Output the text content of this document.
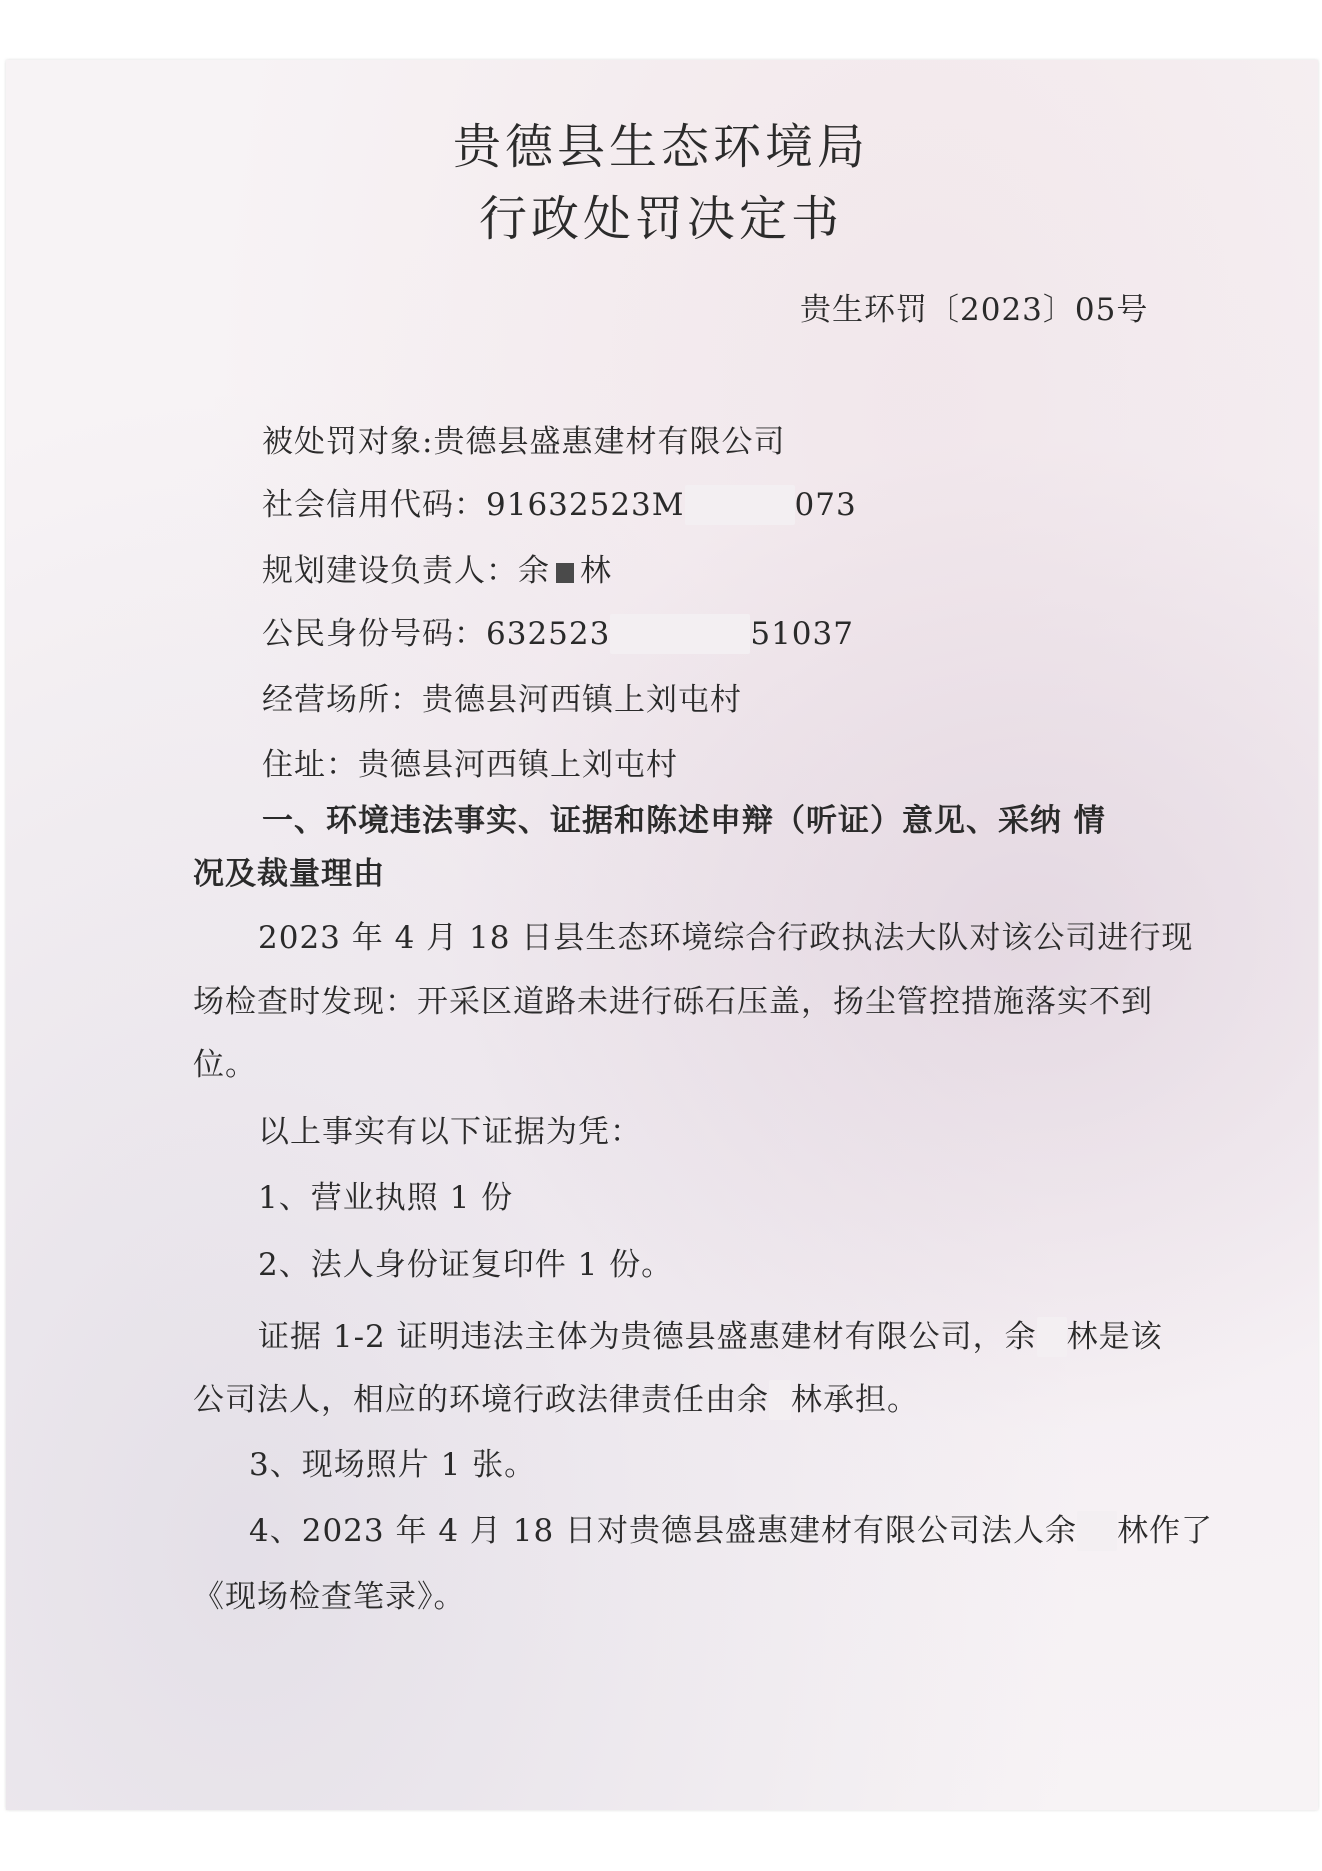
贵德县生态环境局
行政处罚决定书
贵生环罚〔2023〕05号
被处罚对象:贵德县盛惠建材有限公司
社会信用代码：91632523M	073
规划建设负责人：余 林
公民身份号码：632523	51037
经营场所：贵德县河西镇上刘屯村
住址：贵德县河西镇上刘屯村
一、环境违法事实、证据和陈述申辩（听证）意见、采纳 情
况及裁量理由
2023 年 4 月 18 日县生态环境综合行政执法大队对该公司进行现
场检查时发现：开采区道路未进行砾石压盖，扬尘管控措施落实不到
位。
以上事实有以下证据为凭：
1、营业执照 1 份
2、法人身份证复印件 1 份。
证据 1-2 证明违法主体为贵德县盛惠建材有限公司，余 林是该
公司法人，相应的环境行政法律责任由余 林承担。
3、现场照片 1 张。
4、2023 年 4 月 18 日对贵德县盛惠建材有限公司法人余 林作了
《现场检查笔录》。
